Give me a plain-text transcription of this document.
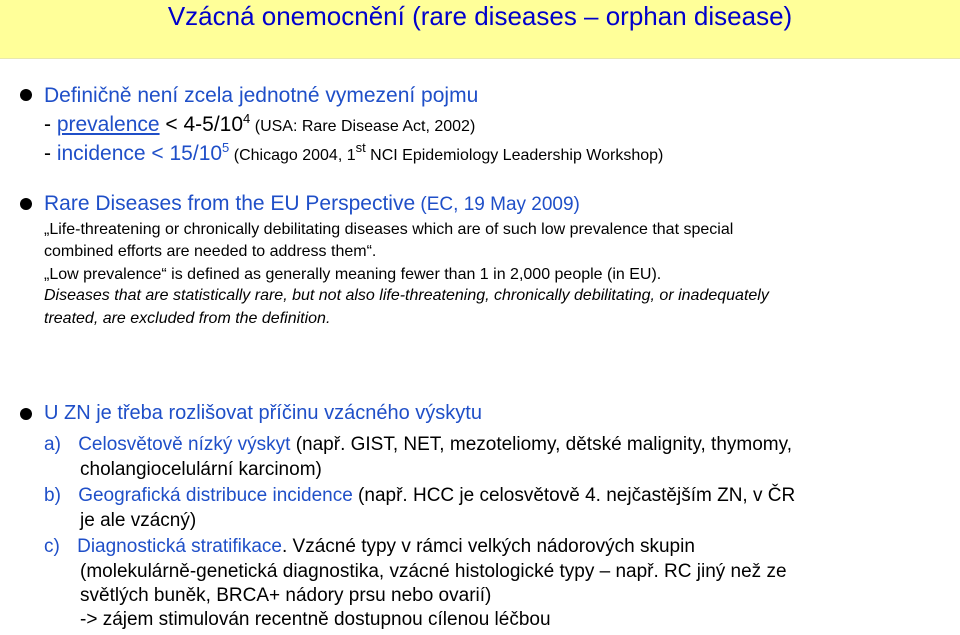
Vzácná onemocnění (rare diseases – orphan disease)
Definičně není zcela jednotné vymezení pojmu
- prevalence < $4-5/10^4$ (USA: Rare Disease Act, 2002)
- incidence < $15/10^5$ (Chicago 2004, 1st NCI Epidemiology Leadership Workshop)
Rare Diseases from the EU Perspective (EC, 19 May 2009)
„Life-threatening or chronically debilitating diseases which are of such low prevalence that special
combined efforts are needed to address them“.
„Low prevalence“ is defined as generally meaning fewer than 1 in 2,000 people (in EU).
Diseases that are statistically rare, but not also life-threatening, chronically debilitating, or inadequately
treated, are excluded from the definition.
U ZN je třeba rozlišovat příčinu vzácného výskytu
a) Celosvětově nízký výskyt (např. GIST, NET, mezoteliomy, dětské malignity, thymomy,
cholangiocelulární karcinom)
b) Geografická distribuce incidence (např. HCC je celosvětově 4. nejčastějším ZN, v ČR
je ale vzácný)
c) Diagnostická stratifikace. Vzácné typy v rámci velkých nádorových skupin
(molekulárně-genetická diagnostika, vzácné histologické typy – např. RC jiný než ze
světlých buněk, BRCA+ nádory prsu nebo ovarií)
-> zájem stimulován recentně dostupnou cílenou léčbou
